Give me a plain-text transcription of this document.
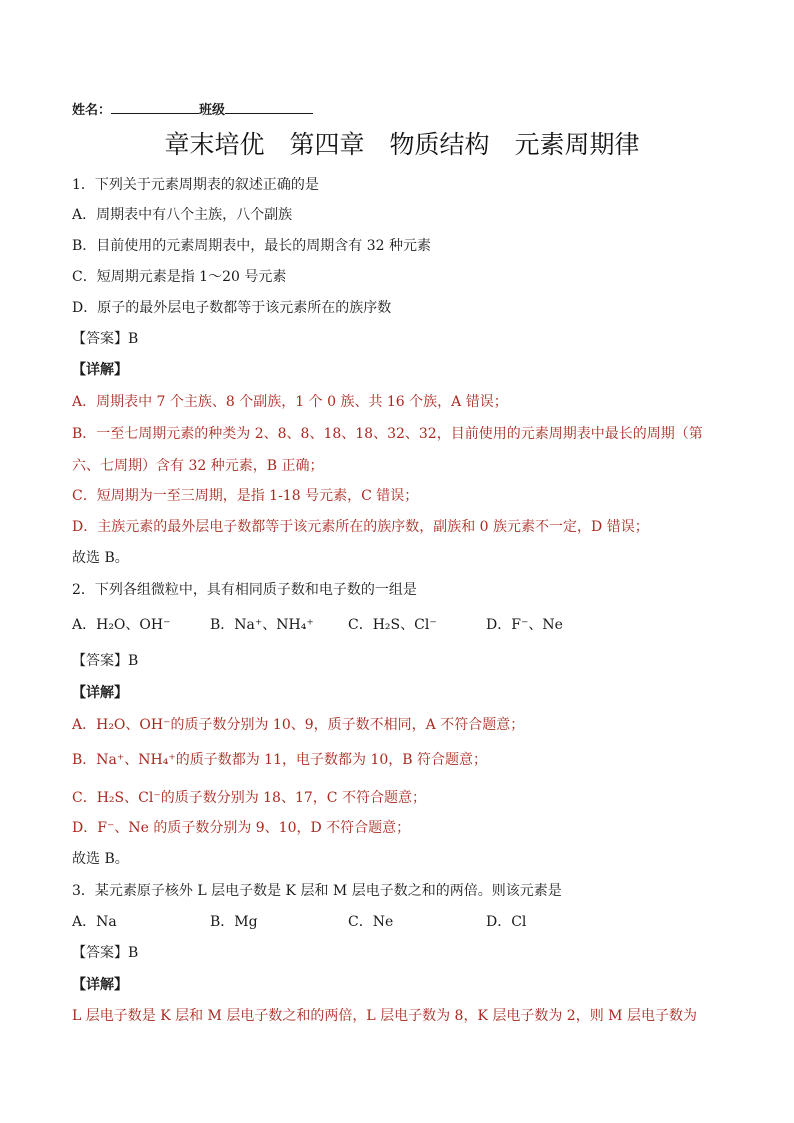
姓名：	班级
章末培优　第四章　物质结构　元素周期律
1．下列关于元素周期表的叙述正确的是
A．周期表中有八个主族，八个副族
B．目前使用的元素周期表中，最长的周期含有 32 种元素
C．短周期元素是指 1～20 号元素
D．原子的最外层电子数都等于该元素所在的族序数
【答案】B
【详解】
A．周期表中 7 个主族、8 个副族，1 个 0 族、共 16 个族，A 错误；
B．一至七周期元素的种类为 2、8、8、18、18、32、32，目前使用的元素周期表中最长的周期（第六、七周期）含有 32 种元素，B 正确；
C．短周期为一至三周期，是指 1-18 号元素，C 错误；
D．主族元素的最外层电子数都等于该元素所在的族序数，副族和 0 族元素不一定，D 错误；
故选 B。
2．下列各组微粒中，具有相同质子数和电子数的一组是
A．H₂O、OH⁻	B．Na⁺、NH₄⁺ C．H₂S、Cl⁻	D．F⁻、Ne
【答案】B
【详解】
A．H₂O、OH⁻的质子数分别为 10、9，质子数不相同，A 不符合题意；
B．Na⁺、NH₄⁺的质子数都为 11，电子数都为 10，B 符合题意；
C．H₂S、Cl⁻的质子数分别为 18、17，C 不符合题意；
D．F⁻、Ne 的质子数分别为 9、10，D 不符合题意；
故选 B。
3．某元素原子核外 L 层电子数是 K 层和 M 层电子数之和的两倍。则该元素是
A．Na	B．Mg	C．Ne	D．Cl
【答案】B
【详解】
L 层电子数是 K 层和 M 层电子数之和的两倍，L 层电子数为 8，K 层电子数为 2，则 M 层电子数为
